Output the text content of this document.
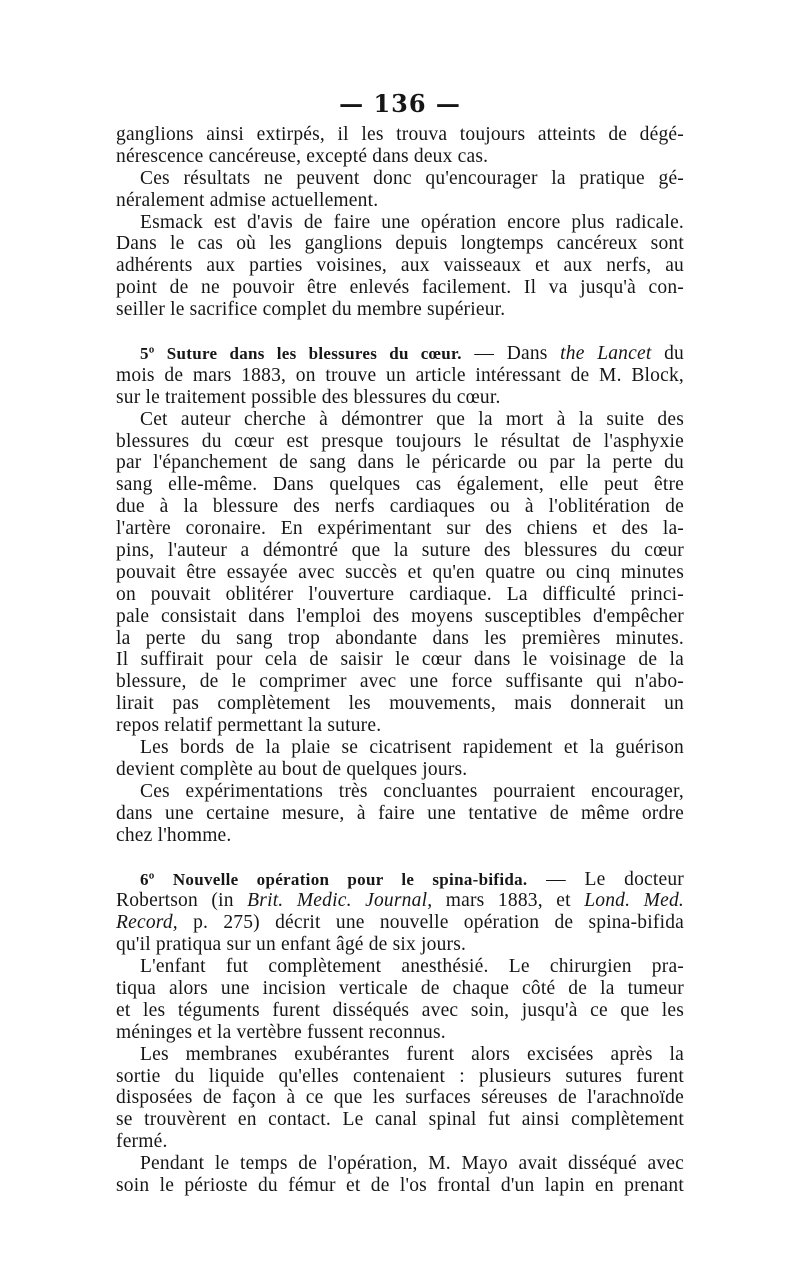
— 136 —
ganglions ainsi extirpés, il les trouva toujours atteints de dégé-
nérescence cancéreuse, excepté dans deux cas.
Ces résultats ne peuvent donc qu'encourager la pratique gé-
néralement admise actuellement.
Esmack est d'avis de faire une opération encore plus radicale.
Dans le cas où les ganglions depuis longtemps cancéreux sont
adhérents aux parties voisines, aux vaisseaux et aux nerfs, au
point de ne pouvoir être enlevés facilement. Il va jusqu'à con-
seiller le sacrifice complet du membre supérieur.
5º Suture dans les blessures du cœur. — Dans the Lancet du
mois de mars 1883, on trouve un article intéressant de M. Block,
sur le traitement possible des blessures du cœur.
Cet auteur cherche à démontrer que la mort à la suite des
blessures du cœur est presque toujours le résultat de l'asphyxie
par l'épanchement de sang dans le péricarde ou par la perte du
sang elle-même. Dans quelques cas également, elle peut être
due à la blessure des nerfs cardiaques ou à l'oblitération de
l'artère coronaire. En expérimentant sur des chiens et des la-
pins, l'auteur a démontré que la suture des blessures du cœur
pouvait être essayée avec succès et qu'en quatre ou cinq minutes
on pouvait oblitérer l'ouverture cardiaque. La difficulté princi-
pale consistait dans l'emploi des moyens susceptibles d'empêcher
la perte du sang trop abondante dans les premières minutes.
Il suffirait pour cela de saisir le cœur dans le voisinage de la
blessure, de le comprimer avec une force suffisante qui n'abo-
lirait pas complètement les mouvements, mais donnerait un
repos relatif permettant la suture.
Les bords de la plaie se cicatrisent rapidement et la guérison
devient complète au bout de quelques jours.
Ces expérimentations très concluantes pourraient encourager,
dans une certaine mesure, à faire une tentative de même ordre
chez l'homme.
6º Nouvelle opération pour le spina-bifida. — Le docteur
Robertson (in Brit. Medic. Journal, mars 1883, et Lond. Med.
Record, p. 275) décrit une nouvelle opération de spina-bifida
qu'il pratiqua sur un enfant âgé de six jours.
L'enfant fut complètement anesthésié. Le chirurgien pra-
tiqua alors une incision verticale de chaque côté de la tumeur
et les téguments furent disséqués avec soin, jusqu'à ce que les
méninges et la vertèbre fussent reconnus.
Les membranes exubérantes furent alors excisées après la
sortie du liquide qu'elles contenaient : plusieurs sutures furent
disposées de façon à ce que les surfaces séreuses de l'arachnoïde
se trouvèrent en contact. Le canal spinal fut ainsi complètement
fermé.
Pendant le temps de l'opération, M. Mayo avait disséqué avec
soin le périoste du fémur et de l'os frontal d'un lapin en prenant
